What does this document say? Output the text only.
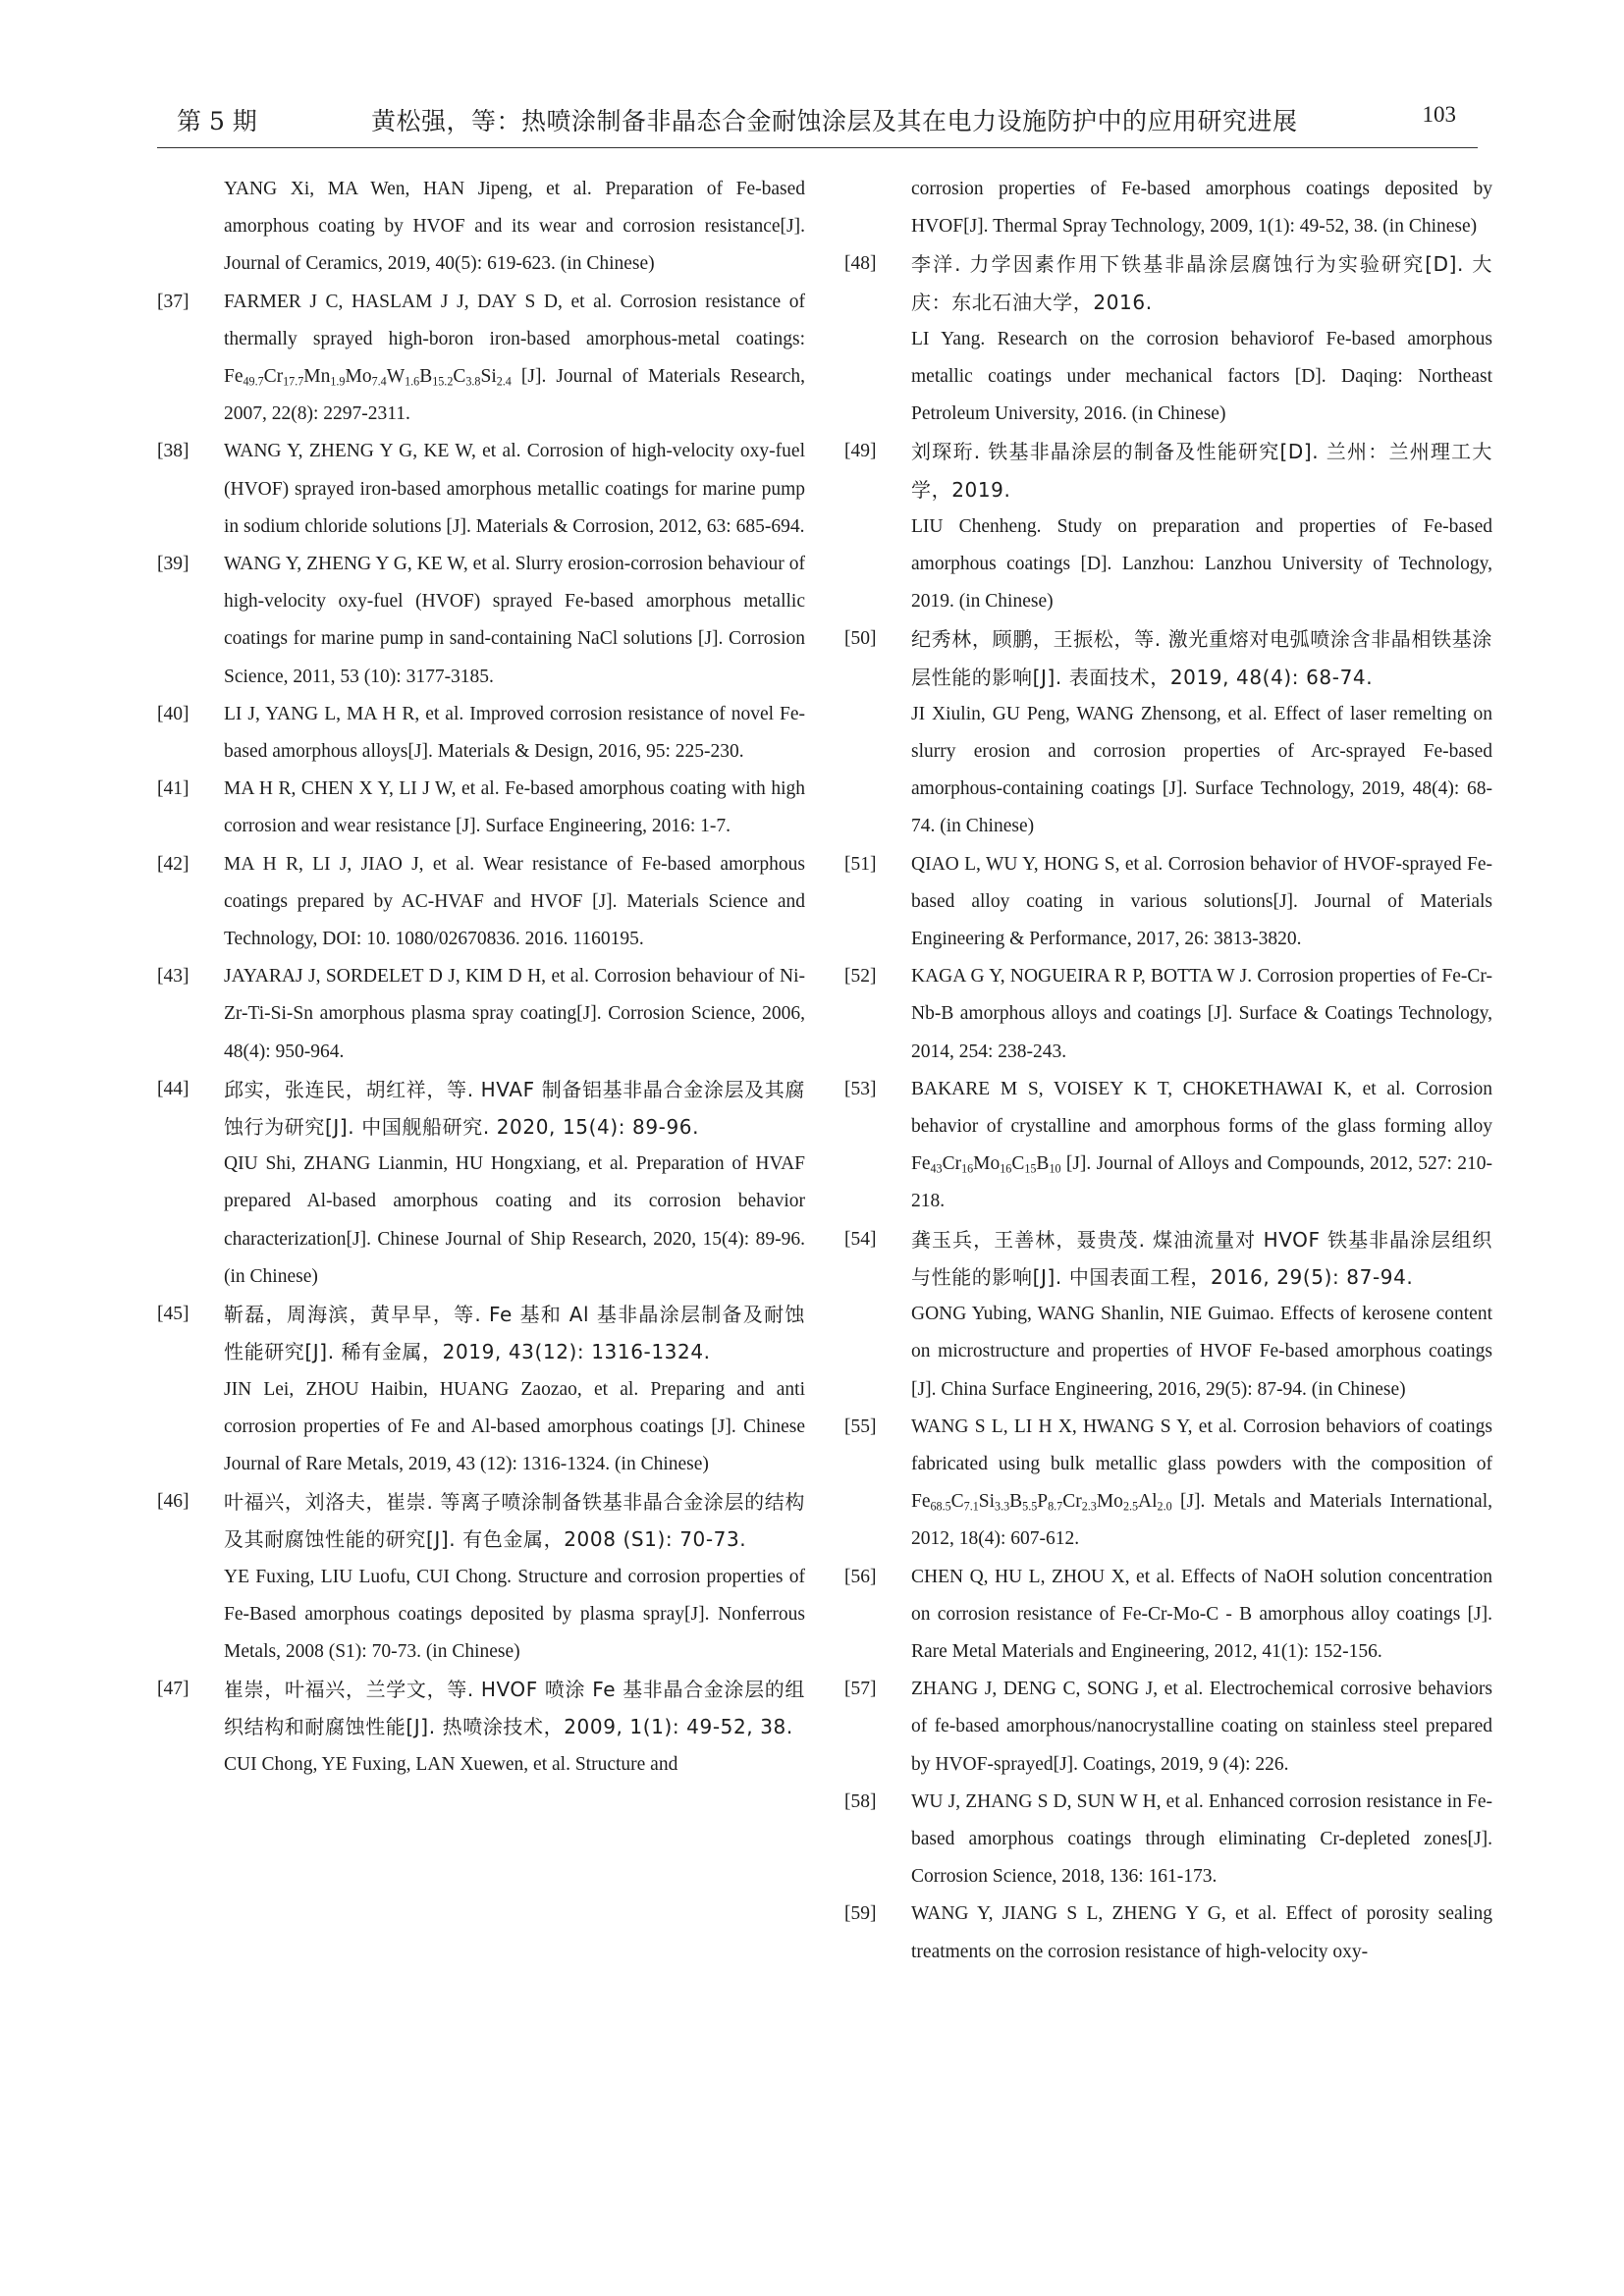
第 5 期	黄松强，等：热喷涂制备非晶态合金耐蚀涂层及其在电力设施防护中的应用研究进展	103
YANG Xi, MA Wen, HAN Jipeng, et al. Preparation of Fe-based amorphous coating by HVOF and its wear and corrosion resistance[J]. Journal of Ceramics, 2019, 40(5): 619-623. (in Chinese)
[37] FARMER J C, HASLAM J J, DAY S D, et al. Corrosion resistance of thermally sprayed high-boron iron-based amorphous-metal coatings: $Fe_{49.7}Cr_{17.7}Mn_{1.9}Mo_{7.4}W_{1.6}B_{15.2}C_{3.8}Si_{2.4}$ [J]. Journal of Materials Research, 2007, 22(8): 2297-2311.
[38] WANG Y, ZHENG Y G, KE W, et al. Corrosion of high-velocity oxy-fuel (HVOF) sprayed iron-based amorphous metallic coatings for marine pump in sodium chloride solutions [J]. Materials & Corrosion, 2012, 63: 685-694.
[39] WANG Y, ZHENG Y G, KE W, et al. Slurry erosion-corrosion behaviour of high-velocity oxy-fuel (HVOF) sprayed Fe-based amorphous metallic coatings for marine pump in sand-containing NaCl solutions [J]. Corrosion Science, 2011, 53 (10): 3177-3185.
[40] LI J, YANG L, MA H R, et al. Improved corrosion resistance of novel Fe-based amorphous alloys[J]. Materials & Design, 2016, 95: 225-230.
[41] MA H R, CHEN X Y, LI J W, et al. Fe-based amorphous coating with high corrosion and wear resistance [J]. Surface Engineering, 2016: 1-7.
[42] MA H R, LI J, JIAO J, et al. Wear resistance of Fe-based amorphous coatings prepared by AC-HVAF and HVOF [J]. Materials Science and Technology, DOI: 10. 1080/02670836. 2016. 1160195.
[43] JAYARAJ J, SORDELET D J, KIM D H, et al. Corrosion behaviour of Ni-Zr-Ti-Si-Sn amorphous plasma spray coating[J]. Corrosion Science, 2006, 48(4): 950-964.
[44] 邱实，张连民，胡红祥，等. HVAF 制备铝基非晶合金涂层及其腐蚀行为研究[J]. 中国舰船研究. 2020, 15(4): 89-96.
QIU Shi, ZHANG Lianmin, HU Hongxiang, et al. Preparation of HVAF prepared Al-based amorphous coating and its corrosion behavior characterization[J]. Chinese Journal of Ship Research, 2020, 15(4): 89-96. (in Chinese)
[45] 靳磊，周海滨，黄早早，等. Fe 基和 Al 基非晶涂层制备及耐蚀性能研究[J]. 稀有金属，2019, 43(12): 1316-1324.
JIN Lei, ZHOU Haibin, HUANG Zaozao, et al. Preparing and anti corrosion properties of Fe and Al-based amorphous coatings [J]. Chinese Journal of Rare Metals, 2019, 43 (12): 1316-1324. (in Chinese)
[46] 叶福兴，刘洛夫，崔崇. 等离子喷涂制备铁基非晶合金涂层的结构及其耐腐蚀性能的研究[J]. 有色金属，2008 (S1): 70-73.
YE Fuxing, LIU Luofu, CUI Chong. Structure and corrosion properties of Fe-Based amorphous coatings deposited by plasma spray[J]. Nonferrous Metals, 2008 (S1): 70-73. (in Chinese)
[47] 崔崇，叶福兴，兰学文，等. HVOF 喷涂 Fe 基非晶合金涂层的组织结构和耐腐蚀性能[J]. 热喷涂技术，2009, 1(1): 49-52, 38.
CUI Chong, YE Fuxing, LAN Xuewen, et al. Structure and
corrosion properties of Fe-based amorphous coatings deposited by HVOF[J]. Thermal Spray Technology, 2009, 1(1): 49-52, 38. (in Chinese)
[48] 李洋. 力学因素作用下铁基非晶涂层腐蚀行为实验研究[D]. 大庆：东北石油大学，2016.
LI Yang. Research on the corrosion behaviorof Fe-based amorphous metallic coatings under mechanical factors [D]. Daqing: Northeast Petroleum University, 2016. (in Chinese)
[49] 刘琛珩. 铁基非晶涂层的制备及性能研究[D]. 兰州：兰州理工大学，2019.
LIU Chenheng. Study on preparation and properties of Fe-based amorphous coatings [D]. Lanzhou: Lanzhou University of Technology, 2019. (in Chinese)
[50] 纪秀林，顾鹏，王振松，等. 激光重熔对电弧喷涂含非晶相铁基涂层性能的影响[J]. 表面技术，2019, 48(4): 68-74.
JI Xiulin, GU Peng, WANG Zhensong, et al. Effect of laser remelting on slurry erosion and corrosion properties of Arc-sprayed Fe-based amorphous-containing coatings [J]. Surface Technology, 2019, 48(4): 68-74. (in Chinese)
[51] QIAO L, WU Y, HONG S, et al. Corrosion behavior of HVOF-sprayed Fe-based alloy coating in various solutions[J]. Journal of Materials Engineering & Performance, 2017, 26: 3813-3820.
[52] KAGA G Y, NOGUEIRA R P, BOTTA W J. Corrosion properties of Fe-Cr-Nb-B amorphous alloys and coatings [J]. Surface & Coatings Technology, 2014, 254: 238-243.
[53] BAKARE M S, VOISEY K T, CHOKETHAWAI K, et al. Corrosion behavior of crystalline and amorphous forms of the glass forming alloy $Fe_{43}Cr_{16}Mo_{16}C_{15}B_{10}$ [J]. Journal of Alloys and Compounds, 2012, 527: 210-218.
[54] 龚玉兵，王善林，聂贵茂. 煤油流量对 HVOF 铁基非晶涂层组织与性能的影响[J]. 中国表面工程，2016, 29(5): 87-94.
GONG Yubing, WANG Shanlin, NIE Guimao. Effects of kerosene content on microstructure and properties of HVOF Fe-based amorphous coatings [J]. China Surface Engineering, 2016, 29(5): 87-94. (in Chinese)
[55] WANG S L, LI H X, HWANG S Y, et al. Corrosion behaviors of coatings fabricated using bulk metallic glass powders with the composition of $Fe_{68.5}C_{7.1}Si_{3.3}B_{5.5}P_{8.7}Cr_{2.3}Mo_{2.5}Al_{2.0}$ [J]. Metals and Materials International, 2012, 18(4): 607-612.
[56] CHEN Q, HU L, ZHOU X, et al. Effects of NaOH solution concentration on corrosion resistance of Fe-Cr-Mo-C - B amorphous alloy coatings [J]. Rare Metal Materials and Engineering, 2012, 41(1): 152-156.
[57] ZHANG J, DENG C, SONG J, et al. Electrochemical corrosive behaviors of fe-based amorphous/nanocrystalline coating on stainless steel prepared by HVOF-sprayed[J]. Coatings, 2019, 9 (4): 226.
[58] WU J, ZHANG S D, SUN W H, et al. Enhanced corrosion resistance in Fe-based amorphous coatings through eliminating Cr-depleted zones[J]. Corrosion Science, 2018, 136: 161-173.
[59] WANG Y, JIANG S L, ZHENG Y G, et al. Effect of porosity sealing treatments on the corrosion resistance of high-velocity oxy-
